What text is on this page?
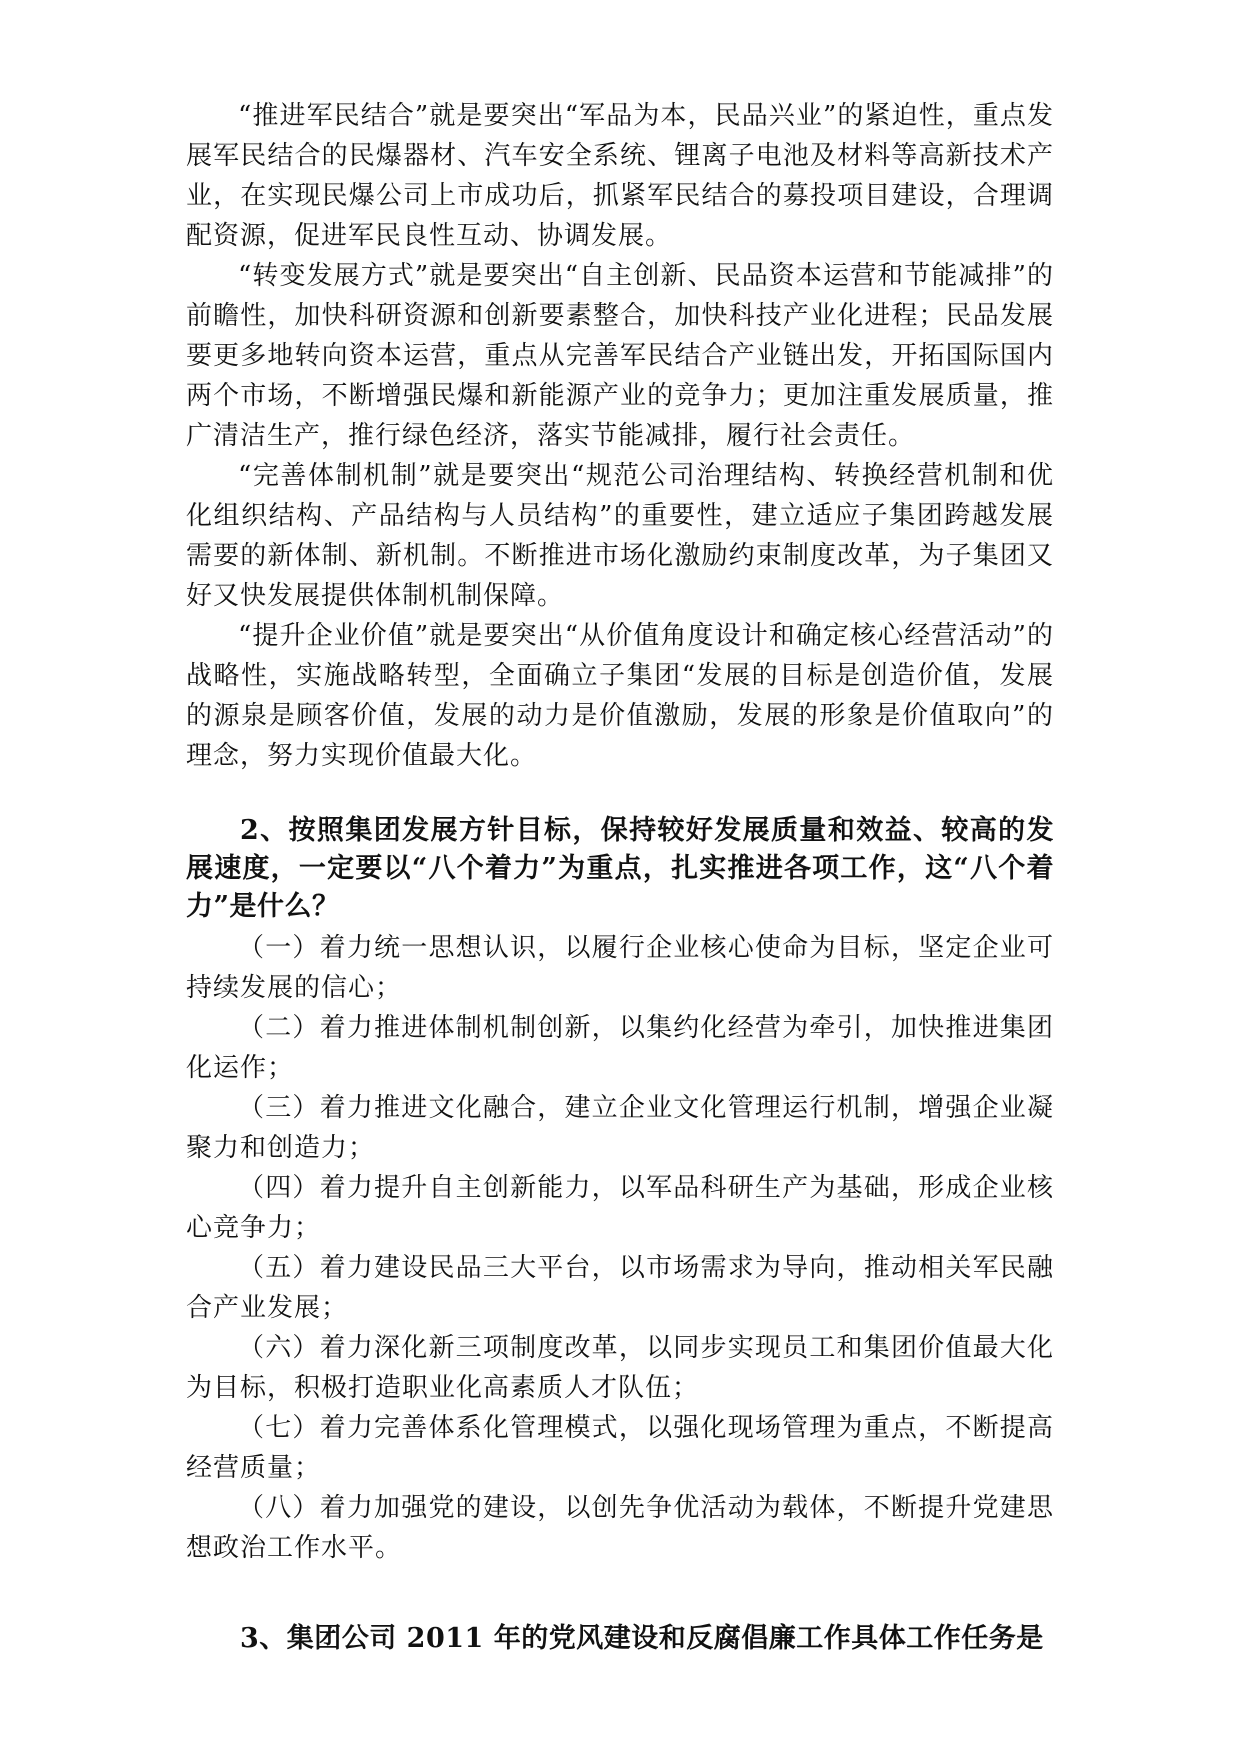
“推进军民结合”就是要突出“军品为本，民品兴业”的紧迫性，重点发展军民结合的民爆器材、汽车安全系统、锂离子电池及材料等高新技术产业，在实现民爆公司上市成功后，抓紧军民结合的募投项目建设，合理调配资源，促进军民良性互动、协调发展。

“转变发展方式”就是要突出“自主创新、民品资本运营和节能减排”的前瞻性，加快科研资源和创新要素整合，加快科技产业化进程；民品发展要更多地转向资本运营，重点从完善军民结合产业链出发，开拓国际国内两个市场，不断增强民爆和新能源产业的竞争力；更加注重发展质量，推广清洁生产，推行绿色经济，落实节能减排，履行社会责任。

“完善体制机制”就是要突出“规范公司治理结构、转换经营机制和优化组织结构、产品结构与人员结构”的重要性，建立适应子集团跨越发展需要的新体制、新机制。不断推进市场化激励约束制度改革，为子集团又好又快发展提供体制机制保障。

“提升企业价值”就是要突出“从价值角度设计和确定核心经营活动”的战略性，实施战略转型，全面确立子集团“发展的目标是创造价值，发展的源泉是顾客价值，发展的动力是价值激励，发展的形象是价值取向”的理念，努力实现价值最大化。

2、按照集团发展方针目标，保持较好发展质量和效益、较高的发展速度，一定要以“八个着力”为重点，扎实推进各项工作，这“八个着力”是什么？

（一）着力统一思想认识，以履行企业核心使命为目标，坚定企业可持续发展的信心；

（二）着力推进体制机制创新，以集约化经营为牵引，加快推进集团化运作；

（三）着力推进文化融合，建立企业文化管理运行机制，增强企业凝聚力和创造力；

（四）着力提升自主创新能力，以军品科研生产为基础，形成企业核心竞争力；

（五）着力建设民品三大平台，以市场需求为导向，推动相关军民融合产业发展；

（六）着力深化新三项制度改革，以同步实现员工和集团价值最大化为目标，积极打造职业化高素质人才队伍；

（七）着力完善体系化管理模式，以强化现场管理为重点，不断提高经营质量；

（八）着力加强党的建设，以创先争优活动为载体，不断提升党建思想政治工作水平。

3、集团公司 2011 年的党风建设和反腐倡廉工作具体工作任务是
